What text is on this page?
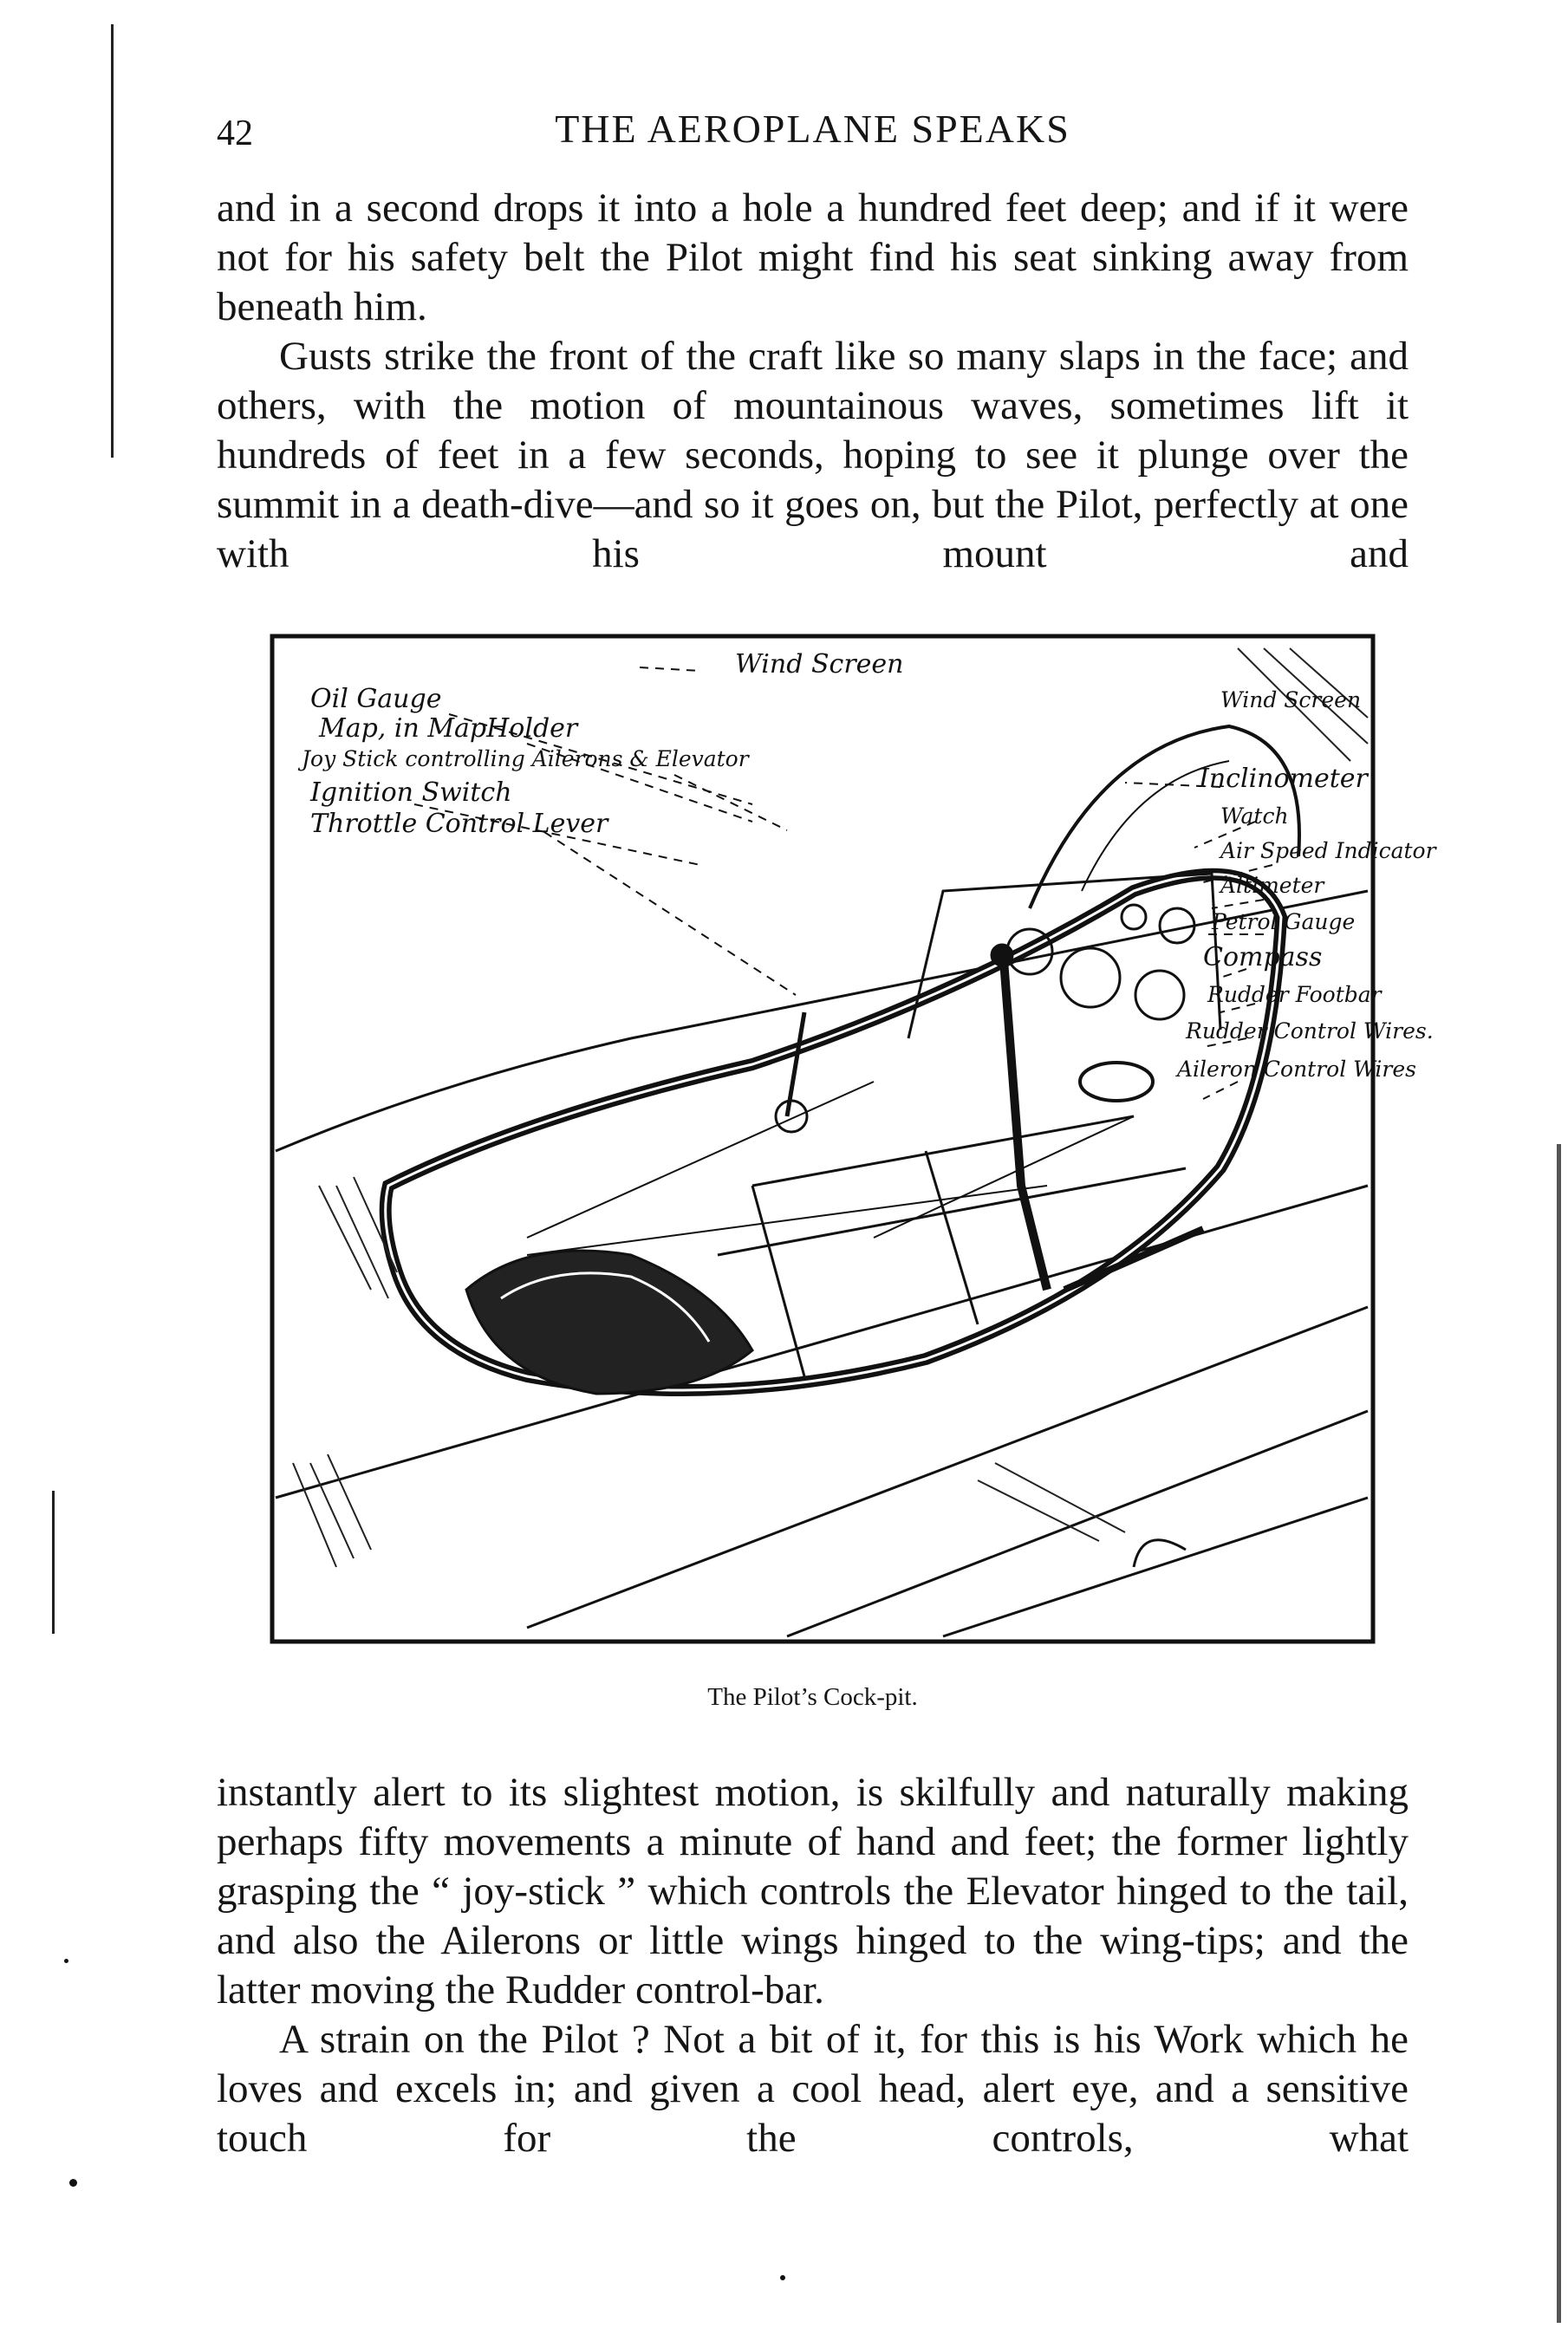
42	THE AEROPLANE SPEAKS

and in a second drops it into a hole a hundred feet deep; and if it were not for his safety belt the Pilot might find his seat sinking away from beneath him.

Gusts strike the front of the craft like so many slaps in the face; and others, with the motion of mountainous waves, sometimes lift it hundreds of feet in a few seconds, hoping to see it plunge over the summit in a death-dive—and so it goes on, but the Pilot, perfectly at one with his mount and

Wind Screen
Oil Gauge
Map, in MapHolder
Joy Stick controlling Ailerons & Elevator
Ignition Switch
Throttle Control Lever
Wind Screen
Inclinometer
Watch
Air Speed Indicator
Altimeter
Petrol Gauge
Compass
Rudder Footbar
Rudder Control Wires.
Aileron Control Wires
The Pilot’s Cock-pit.

instantly alert to its slightest motion, is skilfully and naturally making perhaps fifty movements a minute of hand and feet; the former lightly grasping the “ joy-stick ” which controls the Elevator hinged to the tail, and also the Ailerons or little wings hinged to the wing-tips; and the latter moving the Rudder control-bar.

A strain on the Pilot ? Not a bit of it, for this is his Work which he loves and excels in; and given a cool head, alert eye, and a sensitive touch for the controls, what
